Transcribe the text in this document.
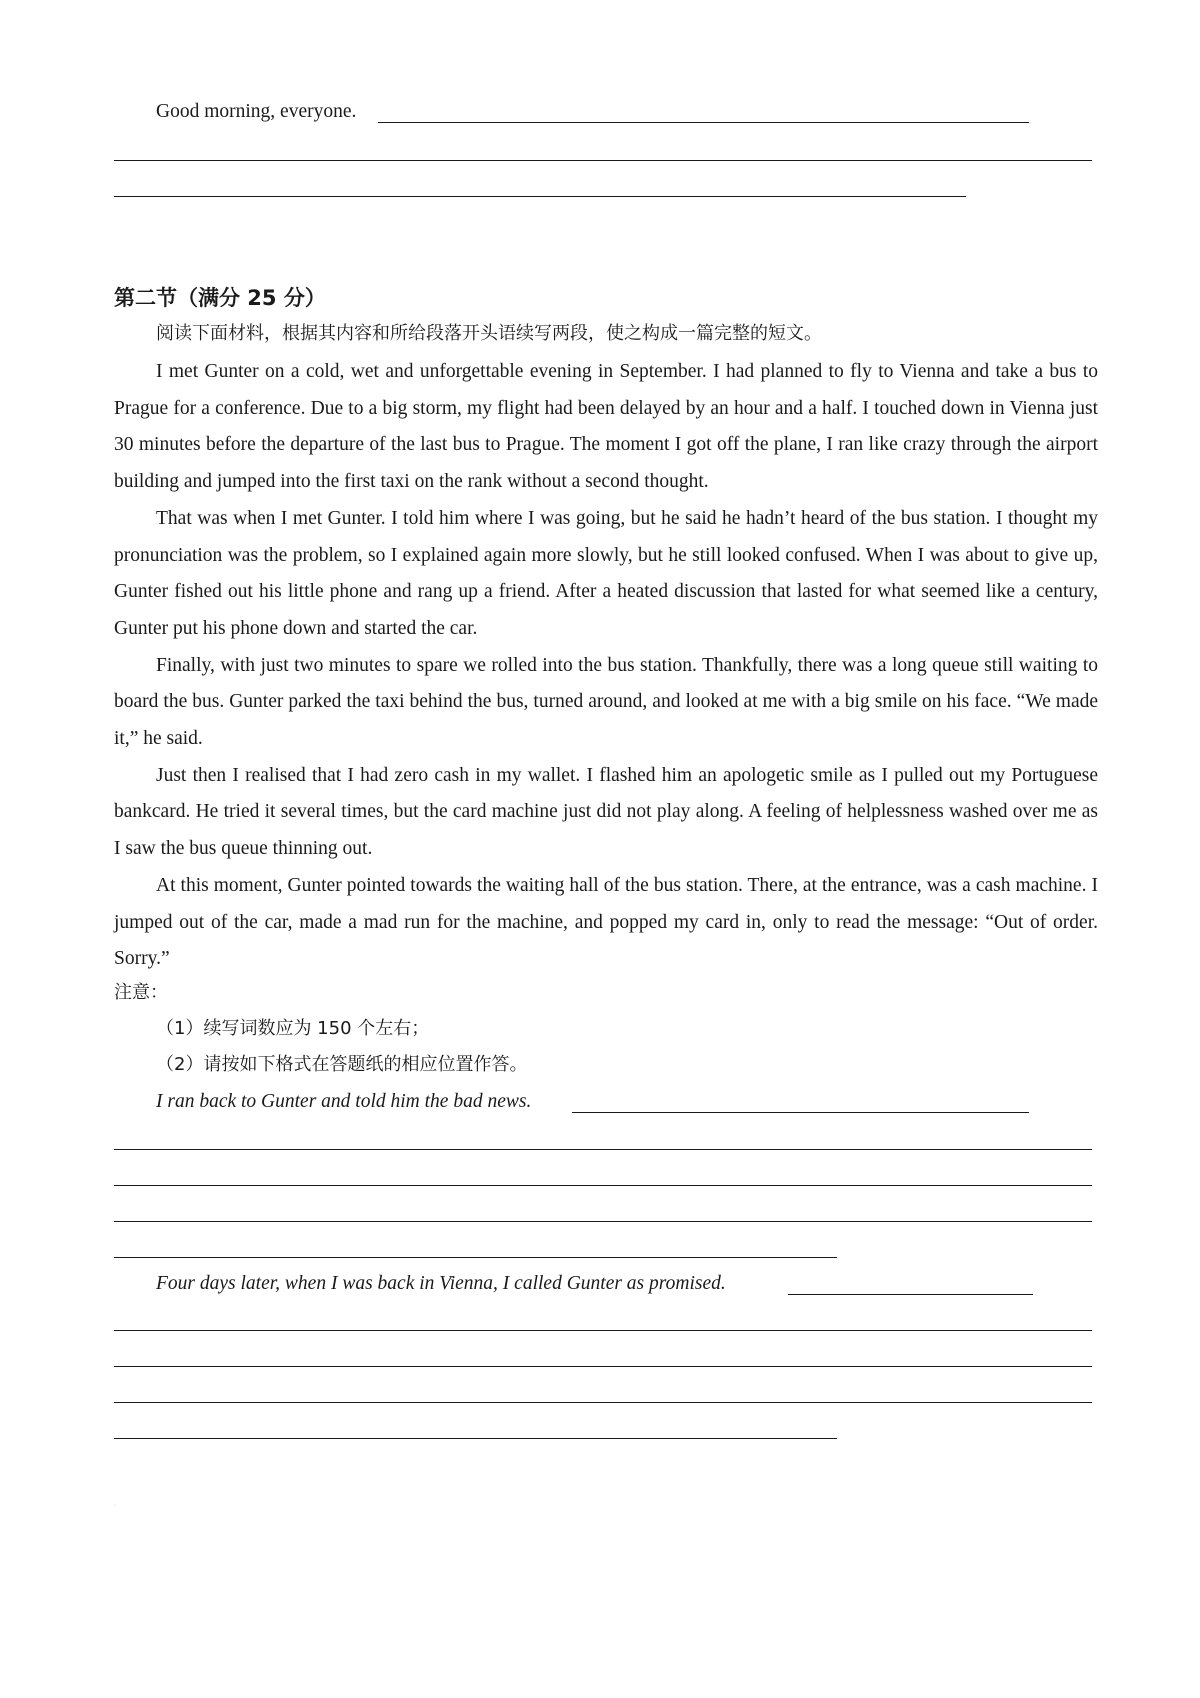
Good morning, everyone.
第二节（满分 25 分）
阅读下面材料，根据其内容和所给段落开头语续写两段，使之构成一篇完整的短文。

I met Gunter on a cold, wet and unforgettable evening in September. I had planned to fly to Vienna and take a bus to Prague for a conference. Due to a big storm, my flight had been delayed by an hour and a half. I touched down in Vienna just 30 minutes before the departure of the last bus to Prague. The moment I got off the plane, I ran like crazy through the airport building and jumped into the first taxi on the rank without a second thought.

That was when I met Gunter. I told him where I was going, but he said he hadn’t heard of the bus station. I thought my pronunciation was the problem, so I explained again more slowly, but he still looked confused. When I was about to give up, Gunter fished out his little phone and rang up a friend. After a heated discussion that lasted for what seemed like a century, Gunter put his phone down and started the car.

Finally, with just two minutes to spare we rolled into the bus station. Thankfully, there was a long queue still waiting to board the bus. Gunter parked the taxi behind the bus, turned around, and looked at me with a big smile on his face. “We made it,” he said.

Just then I realised that I had zero cash in my wallet. I flashed him an apologetic smile as I pulled out my Portuguese bankcard. He tried it several times, but the card machine just did not play along. A feeling of helplessness washed over me as I saw the bus queue thinning out.

At this moment, Gunter pointed towards the waiting hall of the bus station. There, at the entrance, was a cash machine. I jumped out of the car, made a mad run for the machine, and popped my card in, only to read the message: “Out of order. Sorry.”

注意：
（1）续写词数应为 150 个左右；
（2）请按如下格式在答题纸的相应位置作答。
I ran back to Gunter and told him the bad news.
Four days later, when I was back in Vienna, I called Gunter as promised.
·
